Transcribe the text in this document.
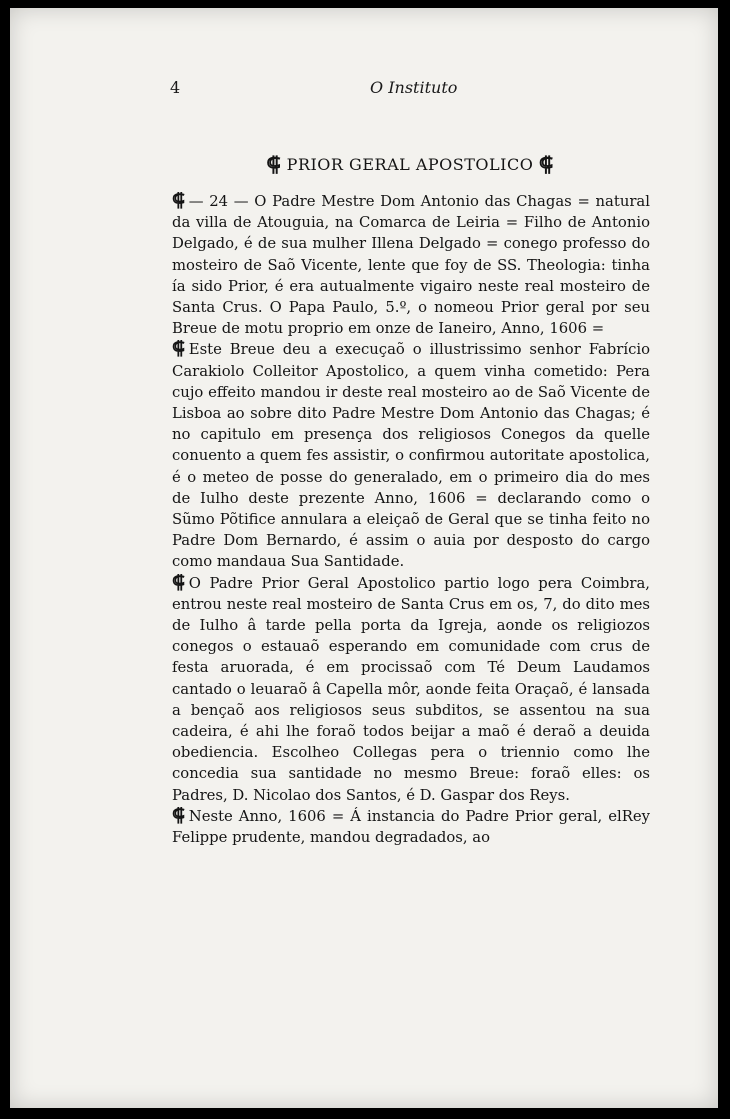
4	O Instituto
⸿ PRIOR GERAL APOSTOLICO ⸿

⸿ — 24 — O Padre Mestre Dom Antonio das Chagas = natural da villa de Atouguia, na Comarca de Leiria = Filho de Antonio Delgado, é de sua mulher Illena Delgado = conego professo do mosteiro de Saõ Vicente, lente que foy de SS. Theologia: tinha ía sido Prior, é era autualmente vigairo neste real mosteiro de Santa Crus. O Papa Paulo, 5.º, o nomeou Prior geral por seu Breue de motu proprio em onze de Ianeiro, Anno, 1606 =

⸿ Este Breue deu a execuçaõ o illustrissimo senhor Fabrício Carakiolo Colleitor Apostolico, a quem vinha cometido: Pera cujo effeito mandou ir deste real mosteiro ao de Saõ Vicente de Lisboa ao sobre dito Padre Mestre Dom Antonio das Chagas; é no capitulo em presença dos religiosos Conegos da quelle conuento a quem fes assistir, o confirmou autoritate apostolica, é o meteo de posse do generalado, em o primeiro dia do mes de Iulho deste prezente Anno, 1606 = declarando como o Sũmo Põtifice annulara a eleiçaõ de Geral que se tinha feito no Padre Dom Bernardo, é assim o auia por desposto do cargo como mandaua Sua Santidade.

⸿ O Padre Prior Geral Apostolico partio logo pera Coimbra, entrou neste real mosteiro de Santa Crus em os, 7, do dito mes de Iulho â tarde pella porta da Igreja, aonde os religiozos conegos o estauaõ esperando em comunidade com crus de festa aruorada, é em procissaõ com Té Deum Laudamos cantado o leuaraõ â Capella môr, aonde feita Oraçaõ, é lansada a bençaõ aos religiosos seus subditos, se assentou na sua cadeira, é ahi lhe foraõ todos beijar a maõ é deraõ a deuida obediencia. Escolheo Collegas pera o triennio como lhe concedia sua santidade no mesmo Breue: foraõ elles: os Padres, D. Nicolao dos Santos, é D. Gaspar dos Reys.

⸿ Neste Anno, 1606 = Á instancia do Padre Prior geral, elRey Felippe prudente, mandou degradados, ao
